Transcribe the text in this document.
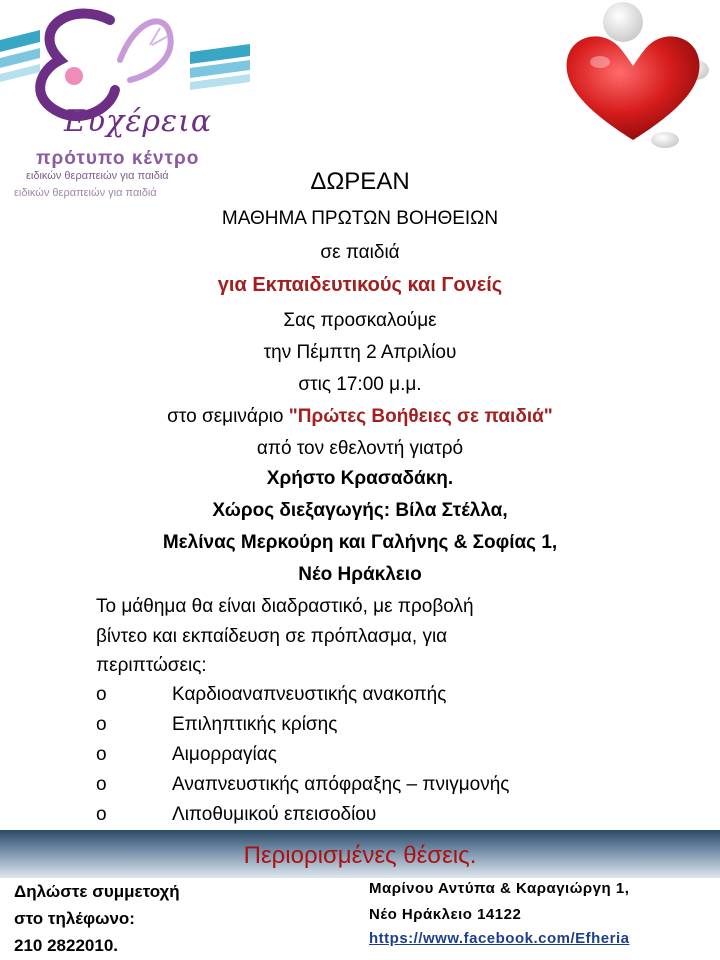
Ευχέρεια
πρότυπο κέντρο
ειδικών θεραπειών για παιδιά
ειδικών θεραπειών για παιδιά	ΔΩΡΕΑΝ
ΜΑΘΗΜΑ ΠΡΩΤΩΝ ΒΟΗΘΕΙΩΝ
σε παιδιά
για Εκπαιδευτικούς και Γονείς
Σας προσκαλούμε
την Πέμπτη 2 Απριλίου
στις 17:00 μ.μ.
στο σεμινάριο "Πρώτες Βοήθειες σε παιδιά"
από τον εθελοντή γιατρό
Χρήστο Κρασαδάκη.
Χώρος διεξαγωγής: Βίλα Στέλλα,
Μελίνας Μερκούρη και Γαλήνης & Σοφίας 1,
Νέο Ηράκλειο
Το μάθημα θα είναι διαδραστικό, με προβολή
βίντεο και εκπαίδευση σε πρόπλασμα, για
περιπτώσεις:
o	Καρδιοαναπνευστικής ανακοπής
o	Επιληπτικής κρίσης
o	Αιμορραγίας
o	Αναπνευστικής απόφραξης – πνιγμονής
o	Λιποθυμικού επεισοδίου
Περιορισμένες θέσεις.
Δηλώστε συμμετοχή
στο τηλέφωνο:
210 2822010.
Μαρίνου Αντύπα & Καραγιώργη 1,
Νέο Ηράκλειο 14122
https://www.facebook.com/Efheria
